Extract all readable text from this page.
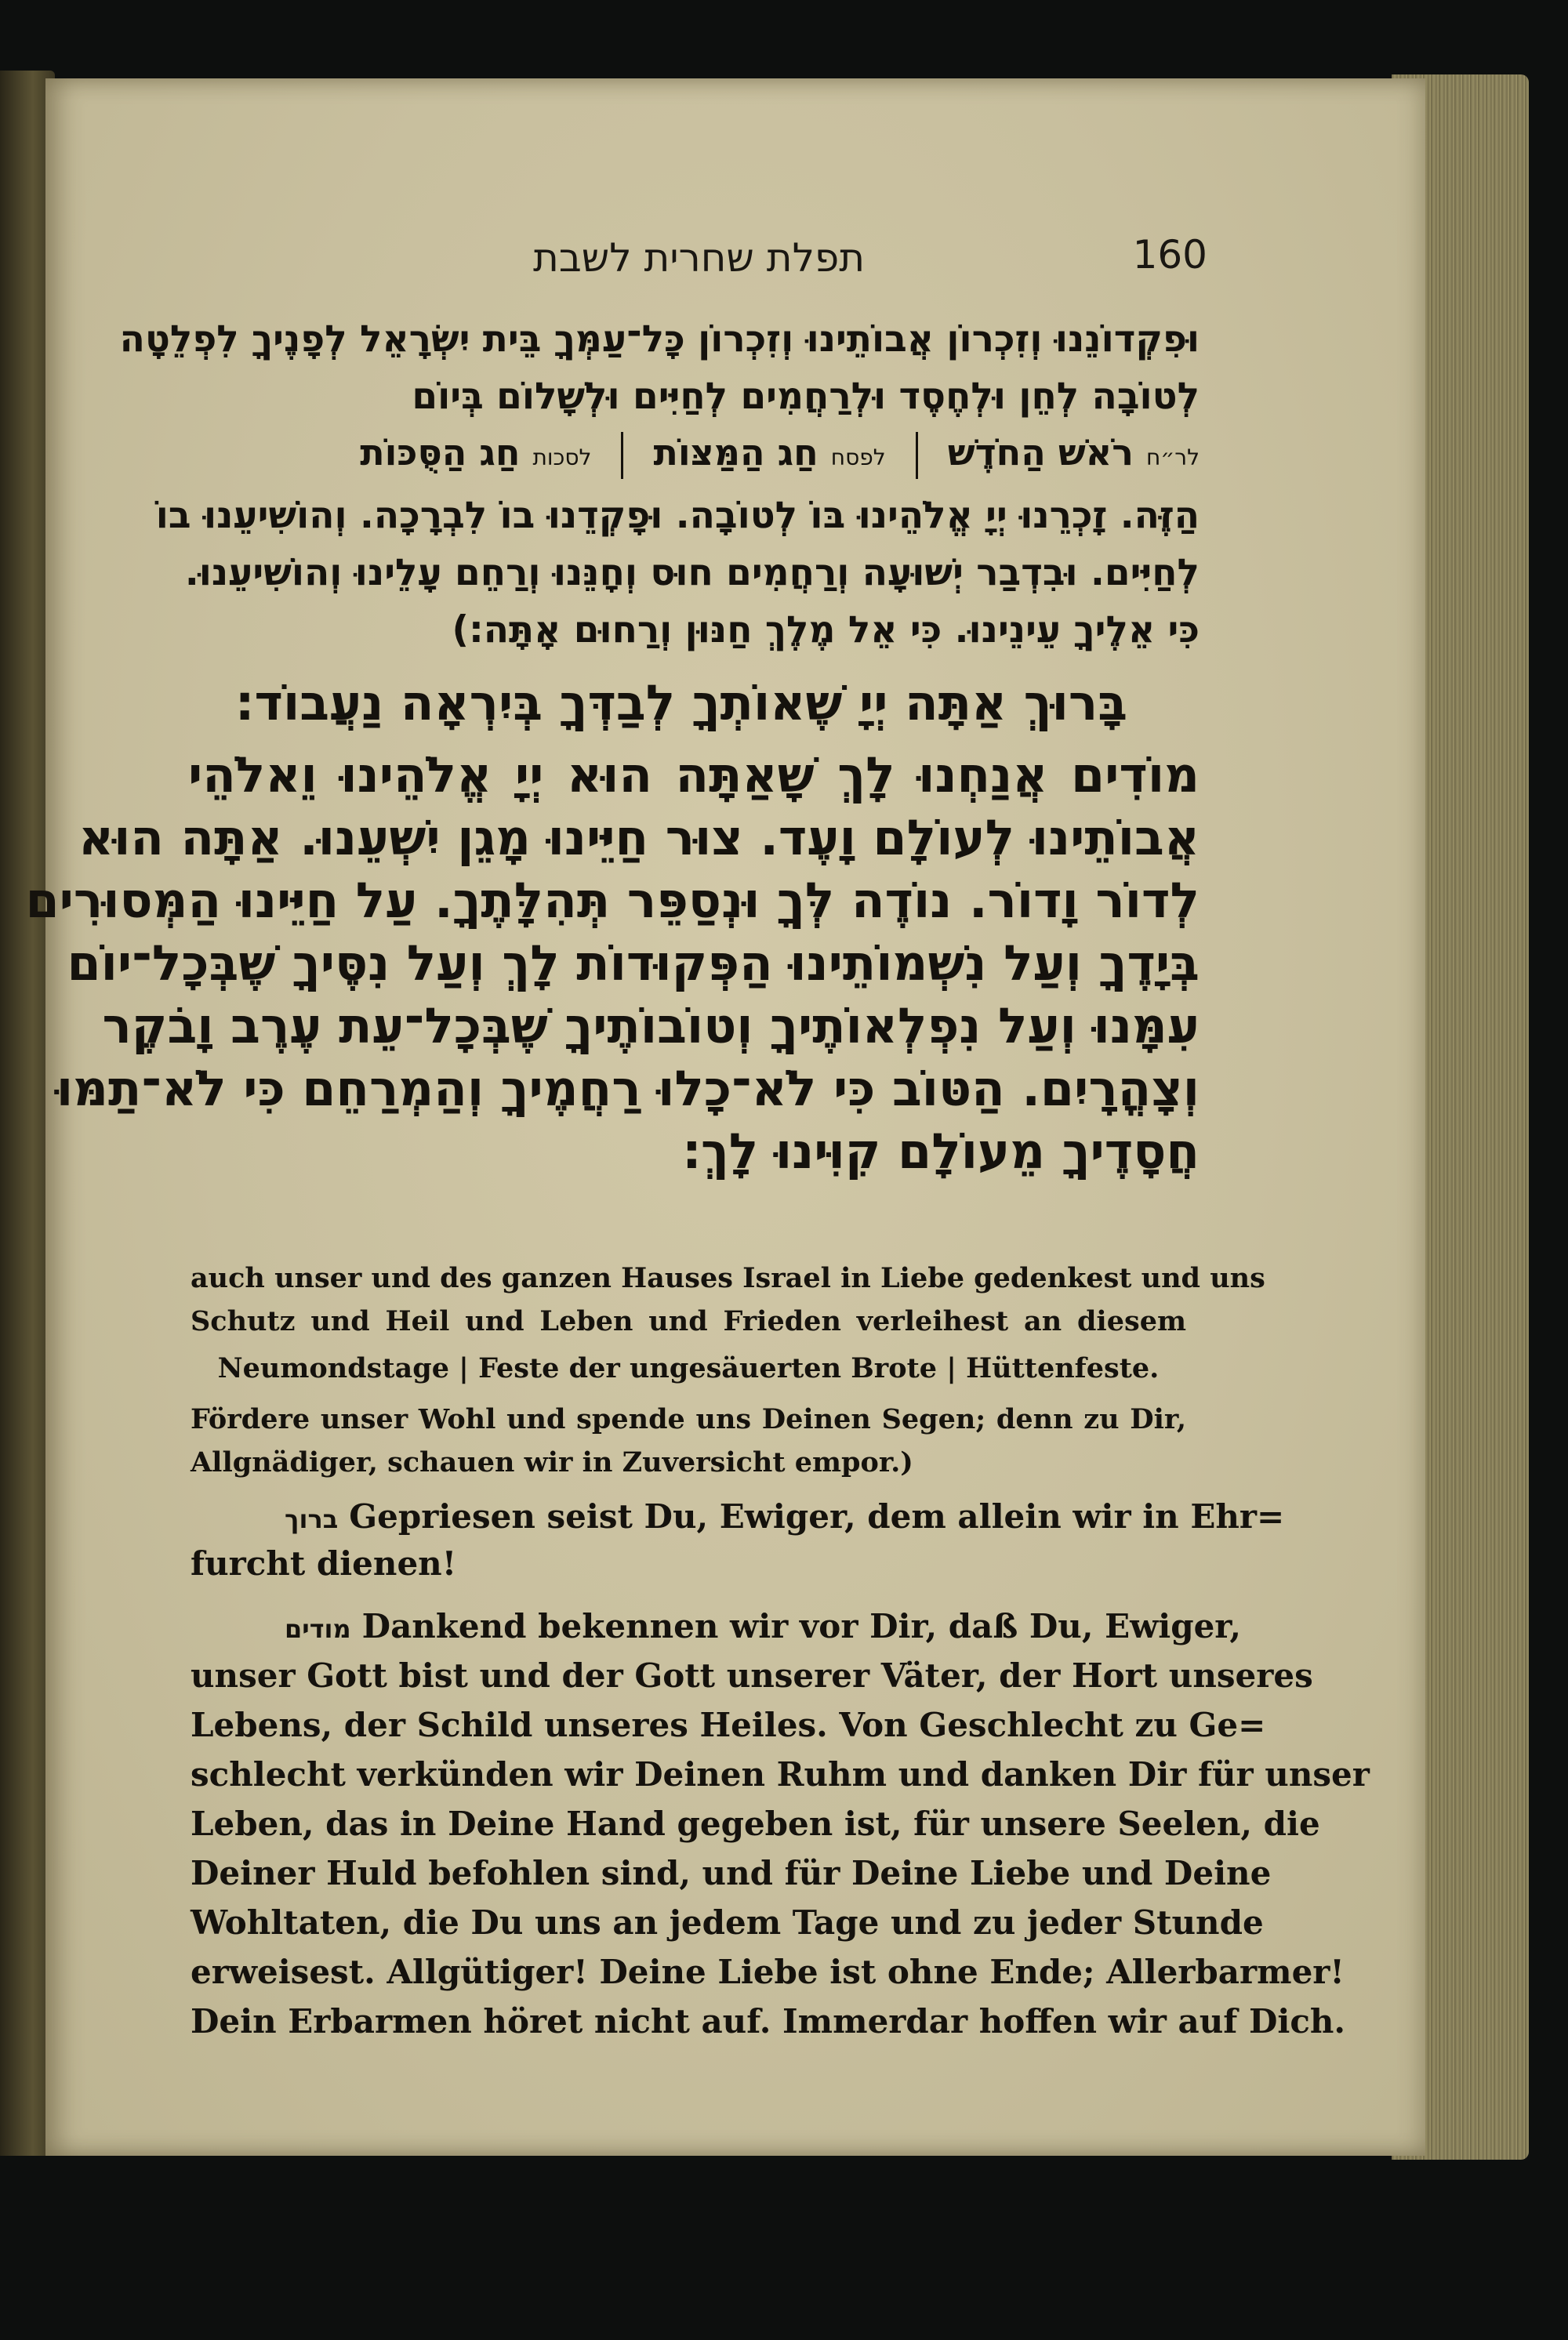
תפלת שחרית לשבת	160
וּפִקְדוֹנֵנוּ וְזִכְרוֹן אֲבוֹתֵינוּ וְזִכְרוֹן כָּל־עַמְּךָ בֵּית יִשְׂרָאֵל לְפָנֶיךָ לִפְלֵטָה
לְטוֹבָה לְחֵן וּלְחֶסֶד וּלְרַחֲמִים לְחַיִּים וּלְשָׁלוֹם בְּיוֹם
לר״ח רֹאשׁ הַחֹדֶשׁ  לפסח חַג הַמַּצּוֹת  לסכות חַג הַסֻּכּוֹת
הַזֶּה. זָכְרֵנוּ יְיָ אֱלֹהֵינוּ בּוֹ לְטוֹבָה. וּפָקְדֵנוּ בוֹ לִבְרָכָה. וְהוֹשִׁיעֵנוּ בוֹ
לְחַיִּים. וּבִדְבַר יְשׁוּעָה וְרַחֲמִים חוּס וְחָנֵּנוּ וְרַחֵם עָלֵינוּ וְהוֹשִׁיעֵנוּ.
כִּי אֵלֶיךָ עֵינֵינוּ. כִּי אֵל מֶלֶךְ חַנּוּן וְרַחוּם אָתָּה:)
בָּרוּךְ אַתָּה יְיָ שֶׁאוֹתְךָ לְבַדְּךָ בְּיִרְאָה נַעֲבוֹד:
מוֹדִים אֲנַחְנוּ לָךְ שָׁאַתָּה הוּא יְיָ אֱלֹהֵינוּ וֵאלֹהֵי
אֲבוֹתֵינוּ לְעוֹלָם וָעֶד. צוּר חַיֵּינוּ מָגֵן יִשְׁעֵנוּ. אַתָּה הוּא
לְדוֹר וָדוֹר. נוֹדֶה לְּךָ וּנְסַפֵּר תְּהִלָּתֶךָ. עַל חַיֵּינוּ הַמְּסוּרִים
בְּיָדֶךָ וְעַל נִשְׁמוֹתֵינוּ הַפְּקוּדוֹת לָךְ וְעַל נִסֶּיךָ שֶׁבְּכָל־יוֹם
עִמָּנוּ וְעַל נִפְלְאוֹתֶיךָ וְטוֹבוֹתֶיךָ שֶׁבְּכָל־עֵת עֶרֶב וָבֹקֶר
וְצָהֳרָיִם. הַטּוֹב כִּי לֹא־כָלוּ רַחֲמֶיךָ וְהַמְרַחֵם כִּי לֹא־תַמּוּ
חֲסָדֶיךָ מֵעוֹלָם קִוִּינוּ לָךְ׃
auch unser und des ganzen Hauses Israel in Liebe gedenkest und uns
Schutz und Heil und Leben und Frieden verleihest an diesem
Neumondstage | Feste der ungesäuerten Brote | Hüttenfeste.
Fördere unser Wohl und spende uns Deinen Segen; denn zu Dir,
Allgnädiger, schauen wir in Zuversicht empor.)
ברוך Gepriesen seist Du, Ewiger, dem allein wir in Ehr=
furcht dienen!
מודים Dankend bekennen wir vor Dir, daß Du, Ewiger,
unser Gott bist und der Gott unserer Väter, der Hort unseres
Lebens, der Schild unseres Heiles. Von Geschlecht zu Ge=
schlecht verkünden wir Deinen Ruhm und danken Dir für unser
Leben, das in Deine Hand gegeben ist, für unsere Seelen, die
Deiner Huld befohlen sind, und für Deine Liebe und Deine
Wohltaten, die Du uns an jedem Tage und zu jeder Stunde
erweisest. Allgütiger! Deine Liebe ist ohne Ende; Allerbarmer!
Dein Erbarmen höret nicht auf. Immerdar hoffen wir auf Dich.
